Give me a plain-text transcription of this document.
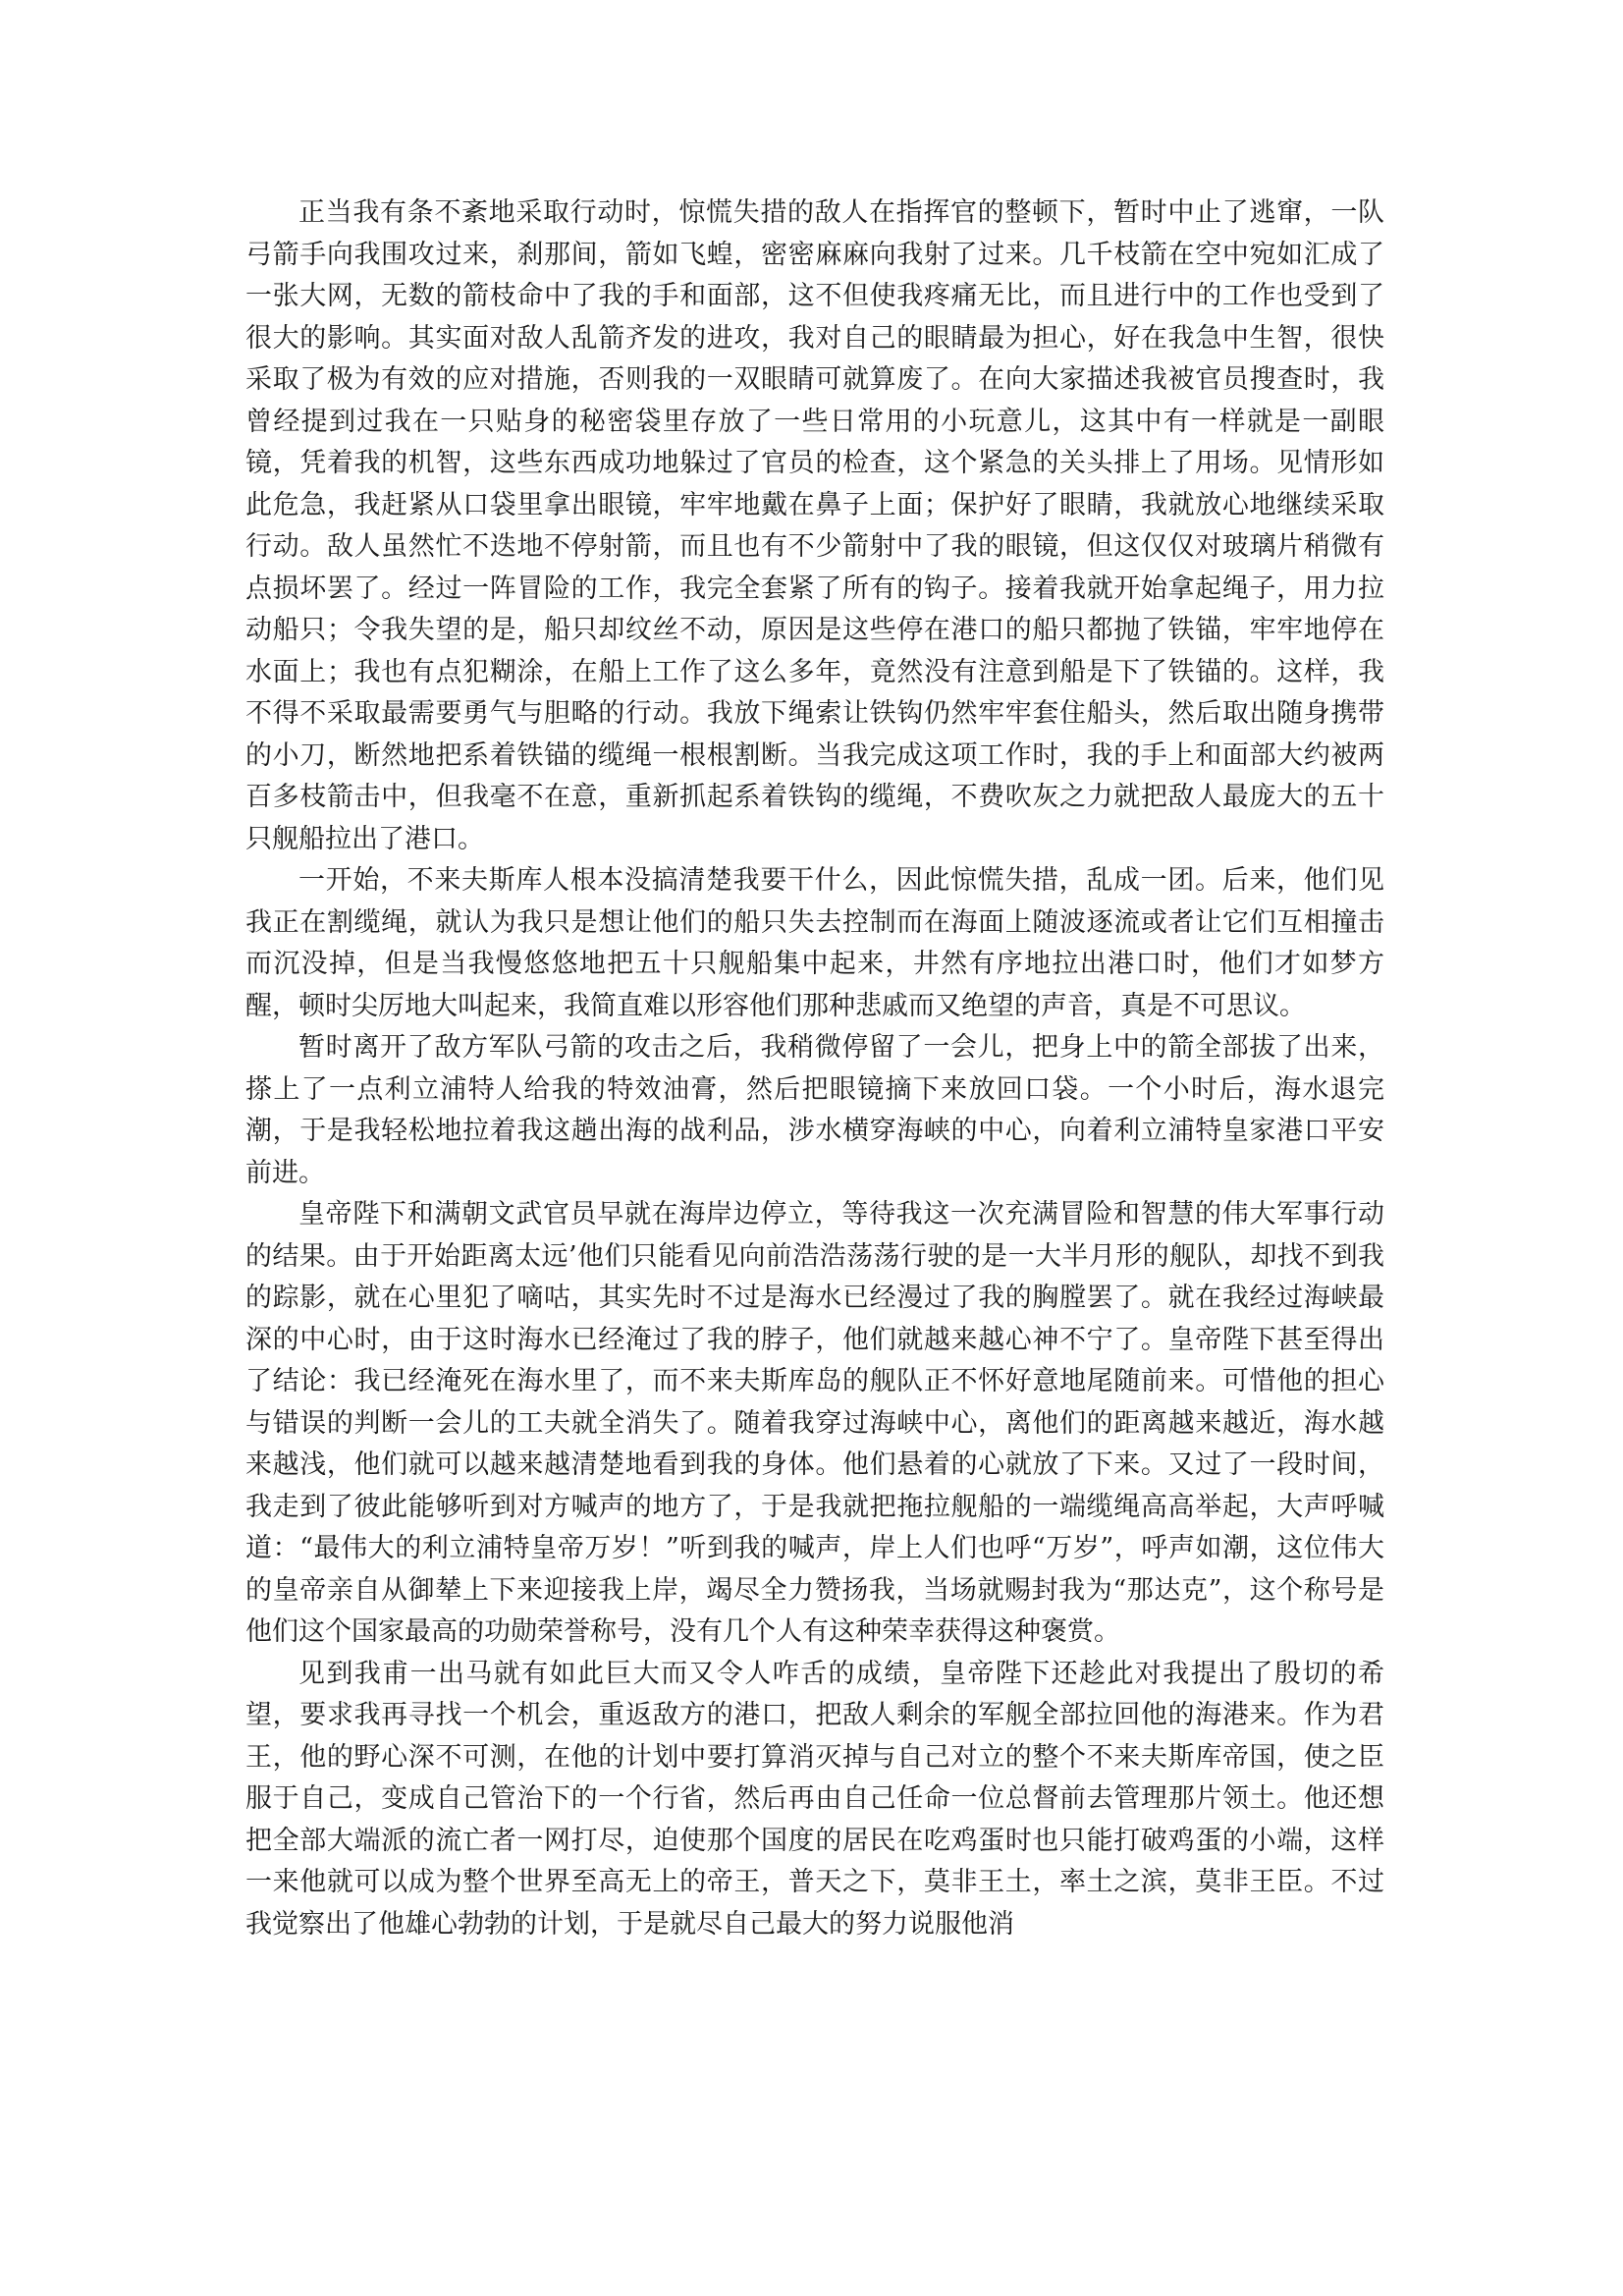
正当我有条不紊地采取行动时，惊慌失措的敌人在指挥官的整顿下，暂时中止了逃窜，一队弓箭手向我围攻过来，刹那间，箭如飞蝗，密密麻麻向我射了过来。几千枝箭在空中宛如汇成了一张大网，无数的箭枝命中了我的手和面部，这不但使我疼痛无比，而且进行中的工作也受到了很大的影响。其实面对敌人乱箭齐发的进攻，我对自己的眼睛最为担心，好在我急中生智，很快采取了极为有效的应对措施，否则我的一双眼睛可就算废了。在向大家描述我被官员搜查时，我曾经提到过我在一只贴身的秘密袋里存放了一些日常用的小玩意儿，这其中有一样就是一副眼镜，凭着我的机智，这些东西成功地躲过了官员的检查，这个紧急的关头排上了用场。见情形如此危急，我赶紧从口袋里拿出眼镜，牢牢地戴在鼻子上面；保护好了眼睛，我就放心地继续采取行动。敌人虽然忙不迭地不停射箭，而且也有不少箭射中了我的眼镜，但这仅仅对玻璃片稍微有点损坏罢了。经过一阵冒险的工作，我完全套紧了所有的钩子。接着我就开始拿起绳子，用力拉动船只；令我失望的是，船只却纹丝不动，原因是这些停在港口的船只都抛了铁锚，牢牢地停在水面上；我也有点犯糊涂，在船上工作了这么多年，竟然没有注意到船是下了铁锚的。这样，我不得不采取最需要勇气与胆略的行动。我放下绳索让铁钩仍然牢牢套住船头，然后取出随身携带的小刀，断然地把系着铁锚的缆绳一根根割断。当我完成这项工作时，我的手上和面部大约被两百多枝箭击中，但我毫不在意，重新抓起系着铁钩的缆绳，不费吹灰之力就把敌人最庞大的五十只舰船拉出了港口。

一开始，不来夫斯库人根本没搞清楚我要干什么，因此惊慌失措，乱成一团。后来，他们见我正在割缆绳，就认为我只是想让他们的船只失去控制而在海面上随波逐流或者让它们互相撞击而沉没掉，但是当我慢悠悠地把五十只舰船集中起来，井然有序地拉出港口时，他们才如梦方醒，顿时尖厉地大叫起来，我简直难以形容他们那种悲戚而又绝望的声音，真是不可思议。

暂时离开了敌方军队弓箭的攻击之后，我稍微停留了一会儿，把身上中的箭全部拔了出来，搽上了一点利立浦特人给我的特效油膏，然后把眼镜摘下来放回口袋。一个小时后，海水退完潮，于是我轻松地拉着我这趟出海的战利品，涉水横穿海峡的中心，向着利立浦特皇家港口平安前进。

皇帝陛下和满朝文武官员早就在海岸边停立，等待我这一次充满冒险和智慧的伟大军事行动的结果。由于开始距离太远’他们只能看见向前浩浩荡荡行驶的是一大半月形的舰队，却找不到我的踪影，就在心里犯了嘀咕，其实先时不过是海水已经漫过了我的胸膛罢了。就在我经过海峡最深的中心时，由于这时海水已经淹过了我的脖子，他们就越来越心神不宁了。皇帝陛下甚至得出了结论：我已经淹死在海水里了，而不来夫斯库岛的舰队正不怀好意地尾随前来。可惜他的担心与错误的判断一会儿的工夫就全消失了。随着我穿过海峡中心，离他们的距离越来越近，海水越来越浅，他们就可以越来越清楚地看到我的身体。他们悬着的心就放了下来。又过了一段时间，我走到了彼此能够听到对方喊声的地方了，于是我就把拖拉舰船的一端缆绳高高举起，大声呼喊道：“最伟大的利立浦特皇帝万岁！”听到我的喊声，岸上人们也呼“万岁”，呼声如潮，这位伟大的皇帝亲自从御辇上下来迎接我上岸，竭尽全力赞扬我，当场就赐封我为“那达克”，这个称号是他们这个国家最高的功勋荣誉称号，没有几个人有这种荣幸获得这种褒赏。

见到我甫一出马就有如此巨大而又令人咋舌的成绩，皇帝陛下还趁此对我提出了殷切的希望，要求我再寻找一个机会，重返敌方的港口，把敌人剩余的军舰全部拉回他的海港来。作为君王，他的野心深不可测，在他的计划中要打算消灭掉与自己对立的整个不来夫斯库帝国，使之臣服于自己，变成自己管治下的一个行省，然后再由自己任命一位总督前去管理那片领土。他还想把全部大端派的流亡者一网打尽，迫使那个国度的居民在吃鸡蛋时也只能打破鸡蛋的小端，这样一来他就可以成为整个世界至高无上的帝王，普天之下，莫非王土，率土之滨，莫非王臣。不过我觉察出了他雄心勃勃的计划，于是就尽自己最大的努力说服他消
